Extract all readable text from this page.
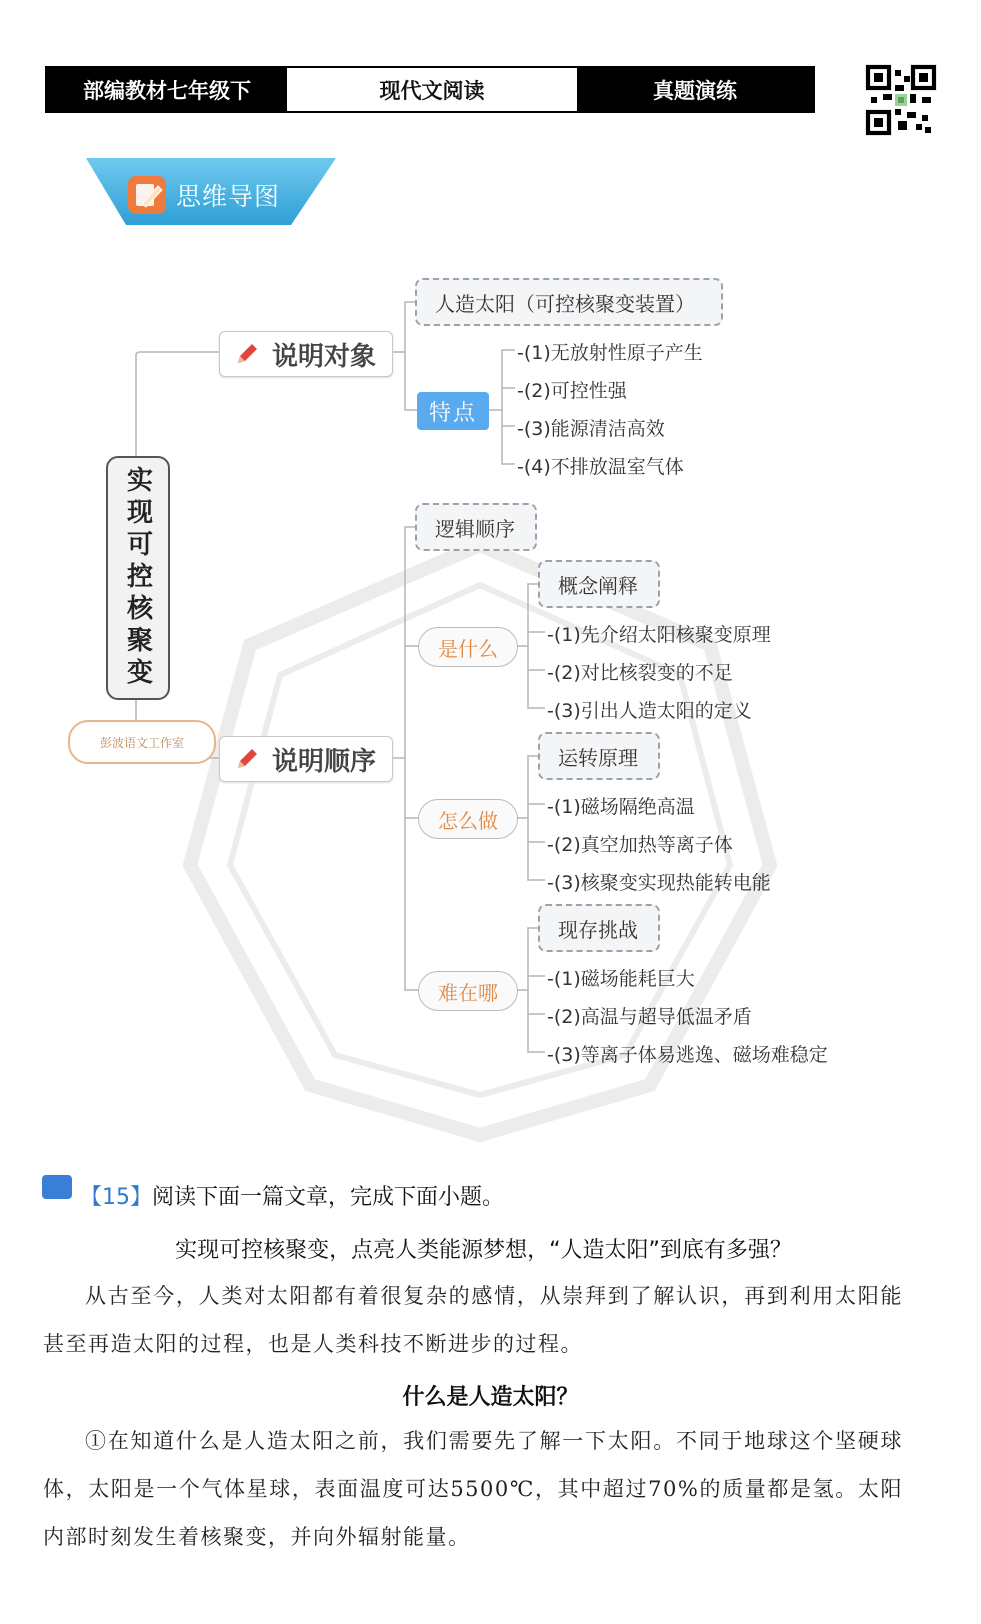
部编教材七年级下	现代文阅读	真题演练
思维导图
实现可控核聚变
彭波语文工作室
说明对象
说明顺序
人造太阳（可控核聚变装置）
特点
-(1)无放射性原子产生
-(2)可控性强
-(3)能源清洁高效
-(4)不排放温室气体
逻辑顺序
是什么
概念阐释
-(1)先介绍太阳核聚变原理
-(2)对比核裂变的不足
-(3)引出人造太阳的定义
怎么做
运转原理
-(1)磁场隔绝高温
-(2)真空加热等离子体
-(3)核聚变实现热能转电能
难在哪
现存挑战
-(1)磁场能耗巨大
-(2)高温与超导低温矛盾
-(3)等离子体易逃逸、磁场难稳定
【15】阅读下面一篇文章，完成下面小题。
实现可控核聚变，点亮人类能源梦想，“人造太阳”到底有多强？
从古至今，人类对太阳都有着很复杂的感情，从崇拜到了解认识，再到利用太阳能甚至再造太阳的过程，也是人类科技不断进步的过程。
什么是人造太阳？
①在知道什么是人造太阳之前，我们需要先了解一下太阳。不同于地球这个坚硬球体，太阳是一个气体星球，表面温度可达5500℃，其中超过70%的质量都是氢。太阳内部时刻发生着核聚变，并向外辐射能量。
